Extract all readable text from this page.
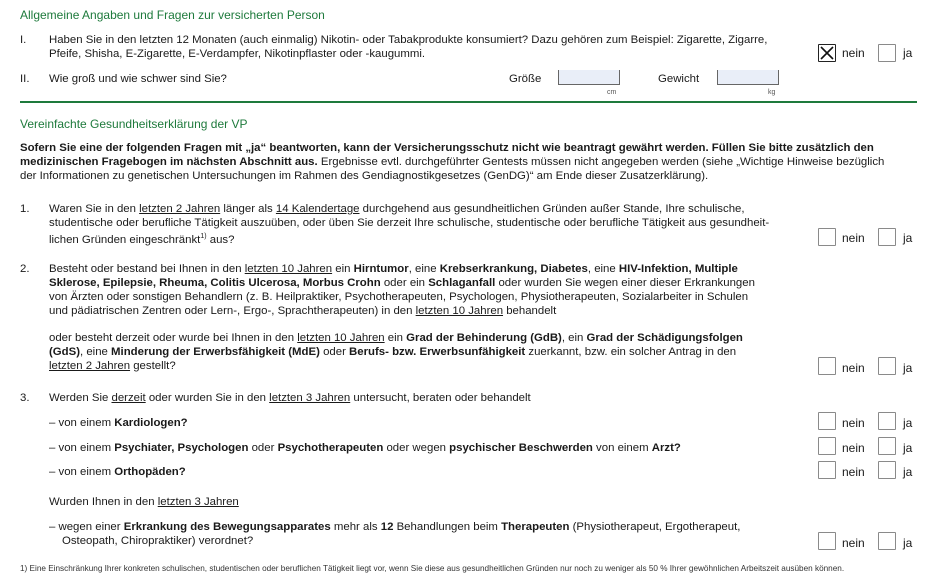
Allgemeine Angaben und Fragen zur versicherten Person
I. Haben Sie in den letzten 12 Monaten (auch einmalig) Nikotin- oder Tabakprodukte konsumiert? Dazu gehören zum Beispiel: Zigarette, Zigarre,
Pfeife, Shisha, E-Zigarette, E-Verdampfer, Nikotinpflaster oder -kaugummi.	nein	ja
II. Wie groß und wie schwer sind Sie?	Größe
cm
Gewicht
kg
Vereinfachte Gesundheitserklärung der VP
Sofern Sie eine der folgenden Fragen mit „ja“ beantworten, kann der Versicherungsschutz nicht wie beantragt gewährt werden. Füllen Sie bitte zusätzlich den
medizinischen Fragebogen im nächsten Abschnitt aus. Ergebnisse evtl. durchgeführter Gentests müssen nicht angegeben werden (siehe „Wichtige Hinweise bezüglich
der Informationen zu genetischen Untersuchungen im Rahmen des Gendiagnostikgesetzes (GenDG)“ am Ende dieser Zusatzerklärung).
1. Waren Sie in den letzten 2 Jahren länger als 14 Kalendertage durchgehend aus gesundheitlichen Gründen außer Stande, Ihre schulische,
studentische oder berufliche Tätigkeit auszuüben, oder üben Sie derzeit Ihre schulische, studentische oder berufliche Tätigkeit aus gesundheit-
lichen Gründen eingeschränkt$^{1)}$ aus?	nein	ja
2. Besteht oder bestand bei Ihnen in den letzten 10 Jahren ein Hirntumor, eine Krebserkrankung, Diabetes, eine HIV-Infektion, Multiple
Sklerose, Epilepsie, Rheuma, Colitis Ulcerosa, Morbus Crohn oder ein Schlaganfall oder wurden Sie wegen einer dieser Erkrankungen
von Ärzten oder sonstigen Behandlern (z. B. Heilpraktiker, Psychotherapeuten, Psychologen, Physiotherapeuten, Sozialarbeiter in Schulen
und pädiatrischen Zentren oder Lern-, Ergo-, Sprachtherapeuten) in den letzten 10 Jahren behandelt
oder besteht derzeit oder wurde bei Ihnen in den letzten 10 Jahren ein Grad der Behinderung (GdB), ein Grad der Schädigungsfolgen
(GdS), eine Minderung der Erwerbsfähigkeit (MdE) oder Berufs- bzw. Erwerbsunfähigkeit zuerkannt, bzw. ein solcher Antrag in den
letzten 2 Jahren gestellt?	nein	ja
3. Werden Sie derzeit oder wurden Sie in den letzten 3 Jahren untersucht, beraten oder behandelt
– von einem Kardiologen?	nein	ja
– von einem Psychiater, Psychologen oder Psychotherapeuten oder wegen psychischer Beschwerden von einem Arzt?	nein	ja
– von einem Orthopäden?	nein	ja
Wurden Ihnen in den letzten 3 Jahren
– wegen einer Erkrankung des Bewegungsapparates mehr als 12 Behandlungen beim Therapeuten (Physiotherapeut, Ergotherapeut,
Osteopath, Chiropraktiker) verordnet?	nein	ja
1) Eine Einschränkung Ihrer konkreten schulischen, studentischen oder beruflichen Tätigkeit liegt vor, wenn Sie diese aus gesundheitlichen Gründen nur noch zu weniger als 50 % Ihrer gewöhnlichen Arbeitszeit ausüben können.
